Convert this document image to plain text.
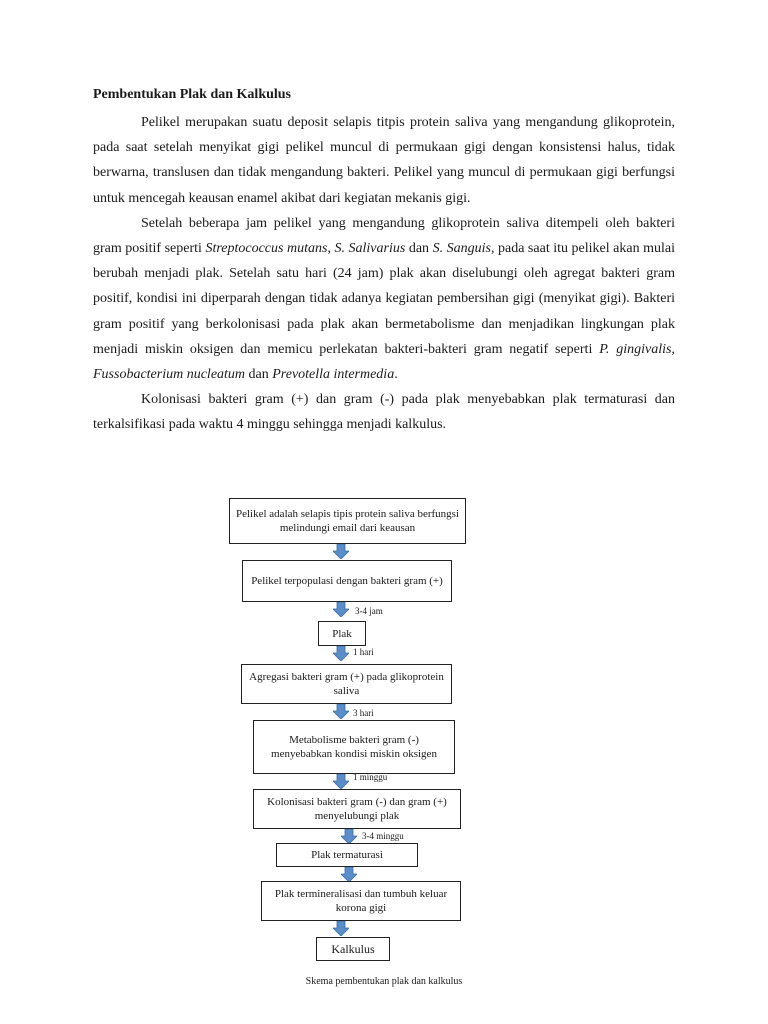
Pembentukan Plak dan Kalkulus

Pelikel merupakan suatu deposit selapis titpis protein saliva yang mengandung glikoprotein, pada saat setelah menyikat gigi pelikel muncul di permukaan gigi dengan konsistensi halus, tidak berwarna, translusen dan tidak mengandung bakteri. Pelikel yang muncul di permukaan gigi berfungsi untuk mencegah keausan enamel akibat dari kegiatan mekanis gigi.

Setelah beberapa jam pelikel yang mengandung glikoprotein saliva ditempeli oleh bakteri gram positif seperti Streptococcus mutans, S. Salivarius dan S. Sanguis, pada saat itu pelikel akan mulai berubah menjadi plak. Setelah satu hari (24 jam) plak akan diselubungi oleh agregat bakteri gram positif, kondisi ini diperparah dengan tidak adanya kegiatan pembersihan gigi (menyikat gigi). Bakteri gram positif yang berkolonisasi pada plak akan bermetabolisme dan menjadikan lingkungan plak menjadi miskin oksigen dan memicu perlekatan bakteri-bakteri gram negatif seperti P. gingivalis, Fussobacterium nucleatum dan Prevotella intermedia.

Kolonisasi bakteri gram (+) dan gram (-) pada plak menyebabkan plak termaturasi dan terkalsifikasi pada waktu 4 minggu sehingga menjadi kalkulus.

Pelikel adalah selapis tipis protein saliva berfungsi melindungi email dari keausan
Pelikel terpopulasi dengan bakteri gram (+)
3-4 jam
Plak
1 hari
Agregasi bakteri gram (+) pada glikoprotein saliva
3 hari
Metabolisme bakteri gram (-) menyebabkan kondisi miskin oksigen
1 minggu
Kolonisasi bakteri gram (-) dan gram (+) menyelubungi plak
3-4 minggu
Plak termaturasi
Plak termineralisasi dan tumbuh keluar korona gigi
Kalkulus

Skema pembentukan plak dan kalkulus
